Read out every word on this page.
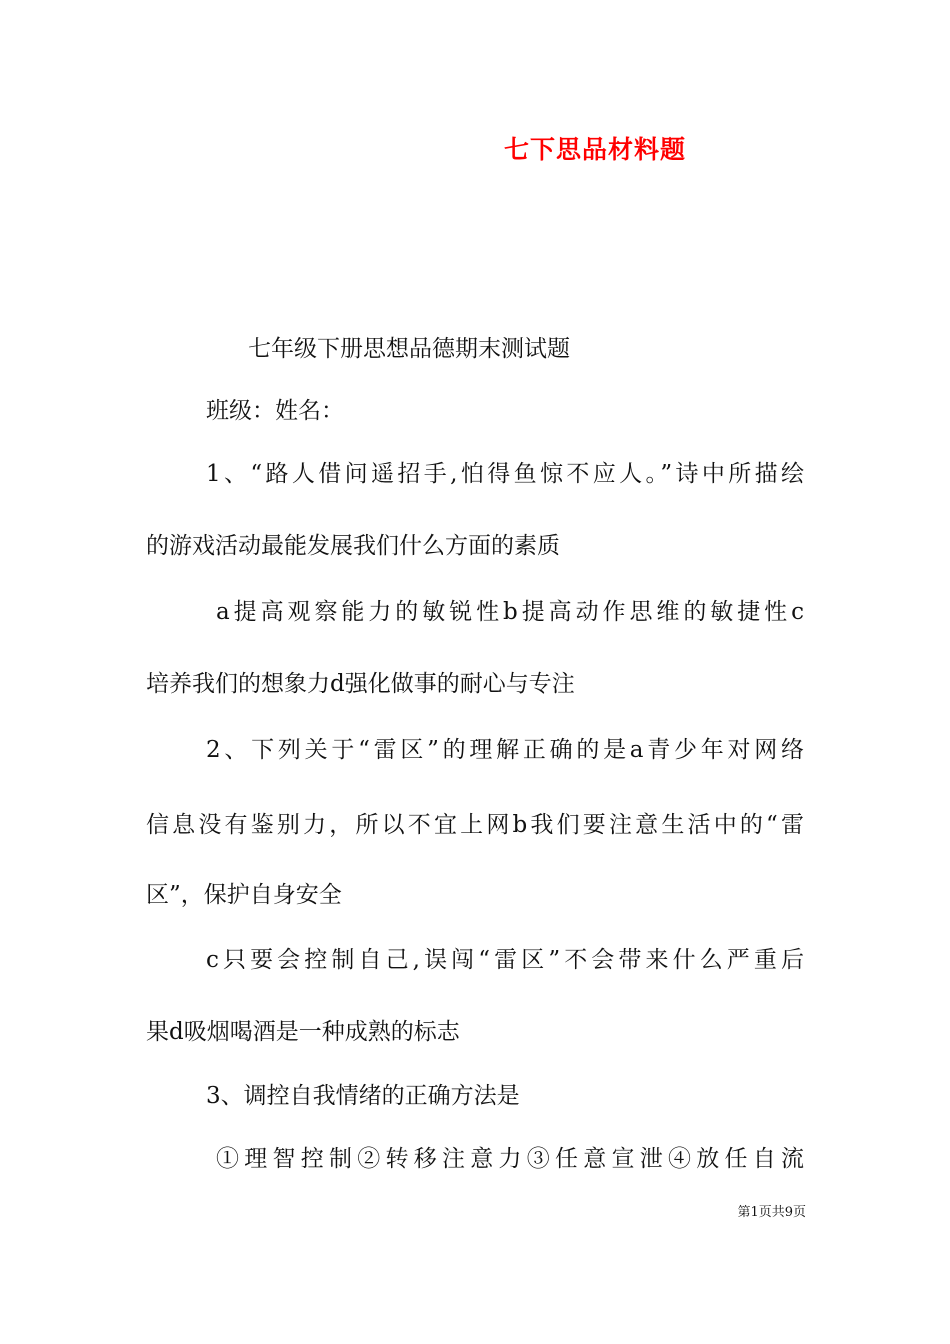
七下思品材料题
七年级下册思想品德期末测试题
班级：姓名：
1、“路人借问遥招手,怕得鱼惊不应人。”诗中所描绘
的游戏活动最能发展我们什么方面的素质
a提高观察能力的敏锐性b提高动作思维的敏捷性c
培养我们的想象力d强化做事的耐心与专注
2、下列关于“雷区”的理解正确的是a青少年对网络
信息没有鉴别力，所以不宜上网b我们要注意生活中的“雷
区”，保护自身安全
c只要会控制自己,误闯“雷区”不会带来什么严重后
果d吸烟喝酒是一种成熟的标志
3、调控自我情绪的正确方法是
①理智控制②转移注意力③任意宣泄④放任自流
第1页共9页
